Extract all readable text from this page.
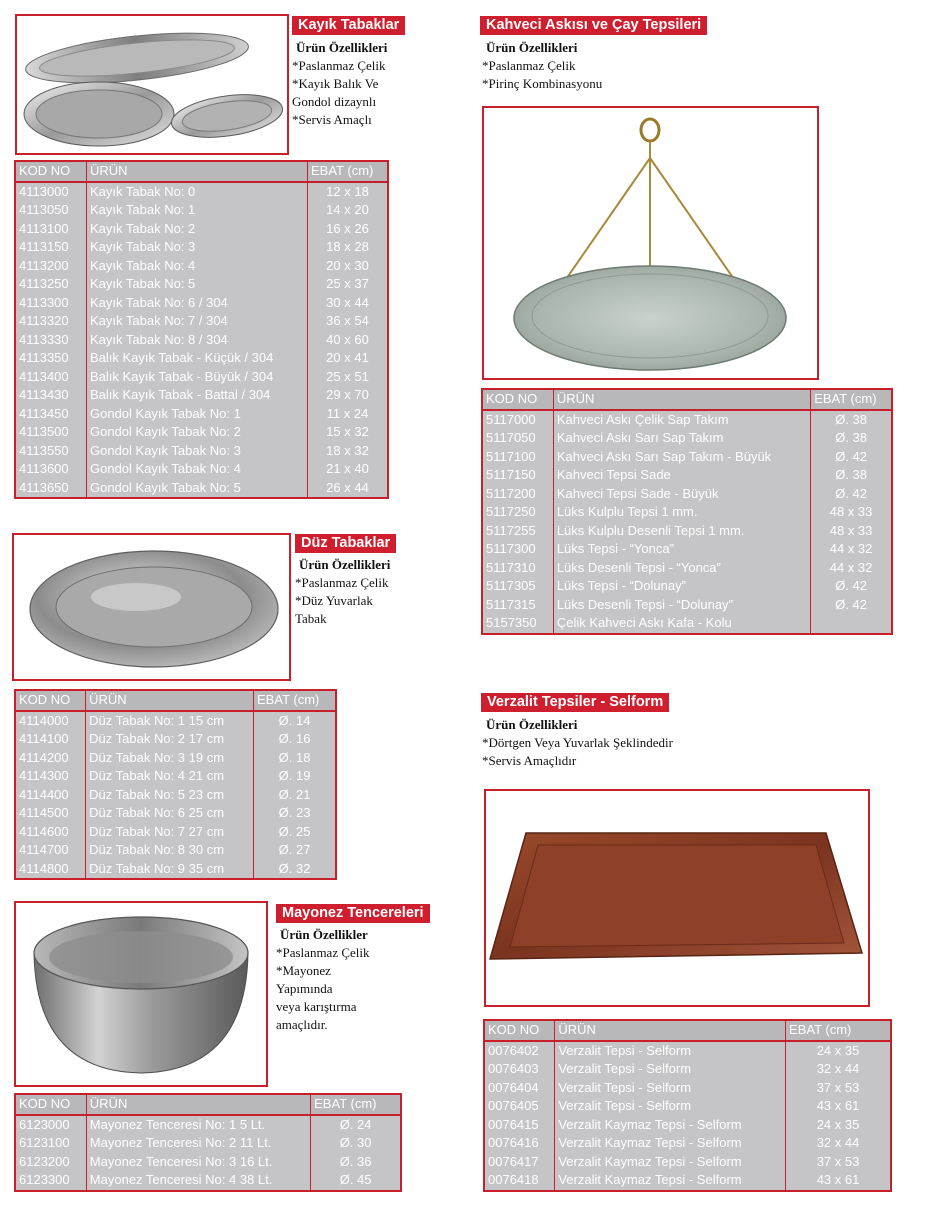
Kayık Tabaklar
Ürün Özellikleri
*Paslanmaz Çelik
*Kayık Balık Ve
Gondol dizaynlı
*Servis Amaçlı
KOD NO	ÜRÜN	EBAT (cm)
4113000	Kayık Tabak No: 0	12 x 18
4113050	Kayık Tabak No: 1	14 x 20
4113100	Kayık Tabak No: 2	16 x 26
4113150	Kayık Tabak No: 3	18 x 28
4113200	Kayık Tabak No: 4	20 x 30
4113250	Kayık Tabak No: 5	25 x 37
4113300	Kayık Tabak No: 6 / 304	30 x 44
4113320	Kayık Tabak No: 7 / 304	36 x 54
4113330	Kayık Tabak No: 8 / 304	40 x 60
4113350	Balık Kayık Tabak - Küçük / 304	20 x 41
4113400	Balık Kayık Tabak - Büyük / 304	25 x 51
4113430	Balık Kayık Tabak - Battal / 304	29 x 70
4113450	Gondol Kayık Tabak No: 1	11 x 24
4113500	Gondol Kayık Tabak No: 2	15 x 32
4113550	Gondol Kayık Tabak No: 3	18 x 32
4113600	Gondol Kayık Tabak No: 4	21 x 40
4113650	Gondol Kayık Tabak No: 5	26 x 44
Düz Tabaklar
Ürün Özellikleri
*Paslanmaz Çelik
*Düz Yuvarlak
Tabak
KOD NO	ÜRÜN	EBAT (cm)
4114000	Düz Tabak No: 1 15 cm	Ø. 14
4114100	Düz Tabak No: 2 17 cm	Ø. 16
4114200	Düz Tabak No: 3 19 cm	Ø. 18
4114300	Düz Tabak No: 4 21 cm	Ø. 19
4114400	Düz Tabak No: 5 23 cm	Ø. 21
4114500	Düz Tabak No: 6 25 cm	Ø. 23
4114600	Düz Tabak No: 7 27 cm	Ø. 25
4114700	Düz Tabak No: 8 30 cm	Ø. 27
4114800	Düz Tabak No: 9 35 cm	Ø. 32
Mayonez Tencereleri
Ürün Özellikler
*Paslanmaz Çelik
*Mayonez
Yapımında
veya karıştırma
amaçlıdır.
KOD NO	ÜRÜN	EBAT (cm)
6123000	Mayonez Tenceresi No: 1 5 Lt.	Ø. 24
6123100	Mayonez Tenceresi No: 2 11 Lt.	Ø. 30
6123200	Mayonez Tenceresi No: 3 16 Lt.	Ø. 36
6123300	Mayonez Tenceresi No: 4 38 Lt.	Ø. 45
Kahveci Askısı ve Çay Tepsileri
Ürün Özellikleri
*Paslanmaz Çelik
*Pirinç Kombinasyonu
KOD NO	ÜRÜN	EBAT (cm)
5117000	Kahveci Askı Çelik Sap Takım	Ø. 38
5117050	Kahveci Askı Sarı Sap Takım	Ø. 38
5117100	Kahveci Askı Sarı Sap Takım - Büyük	Ø. 42
5117150	Kahveci Tepsi Sade	Ø. 38
5117200	Kahveci Tepsi Sade - Büyük	Ø. 42
5117250	Lüks Kulplu Tepsi 1 mm.	48 x 33
5117255	Lüks Kulplu Desenli Tepsi 1 mm.	48 x 33
5117300	Lüks Tepsi - “Yonca”	44 x 32
5117310	Lüks Desenli Tepsi - “Yonca”	44 x 32
5117305	Lüks Tepsi - “Dolunay”	Ø. 42
5117315	Lüks Desenli Tepsi - “Dolunay”	Ø. 42
5157350	Çelik Kahveci Askı Kafa - Kolu
Verzalit Tepsiler - Selform
Ürün Özellikleri
*Dörtgen Veya Yuvarlak Şeklindedir
*Servis Amaçlıdır
KOD NO	ÜRÜN	EBAT (cm)
0076402	Verzalit Tepsi - Selform	24 x 35
0076403	Verzalit Tepsi - Selform	32 x 44
0076404	Verzalit Tepsi - Selform	37 x 53
0076405	Verzalit Tepsi - Selform	43 x 61
0076415	Verzalit Kaymaz Tepsi - Selform	24 x 35
0076416	Verzalit Kaymaz Tepsi - Selform	32 x 44
0076417	Verzalit Kaymaz Tepsi - Selform	37 x 53
0076418	Verzalit Kaymaz Tepsi - Selform	43 x 61
